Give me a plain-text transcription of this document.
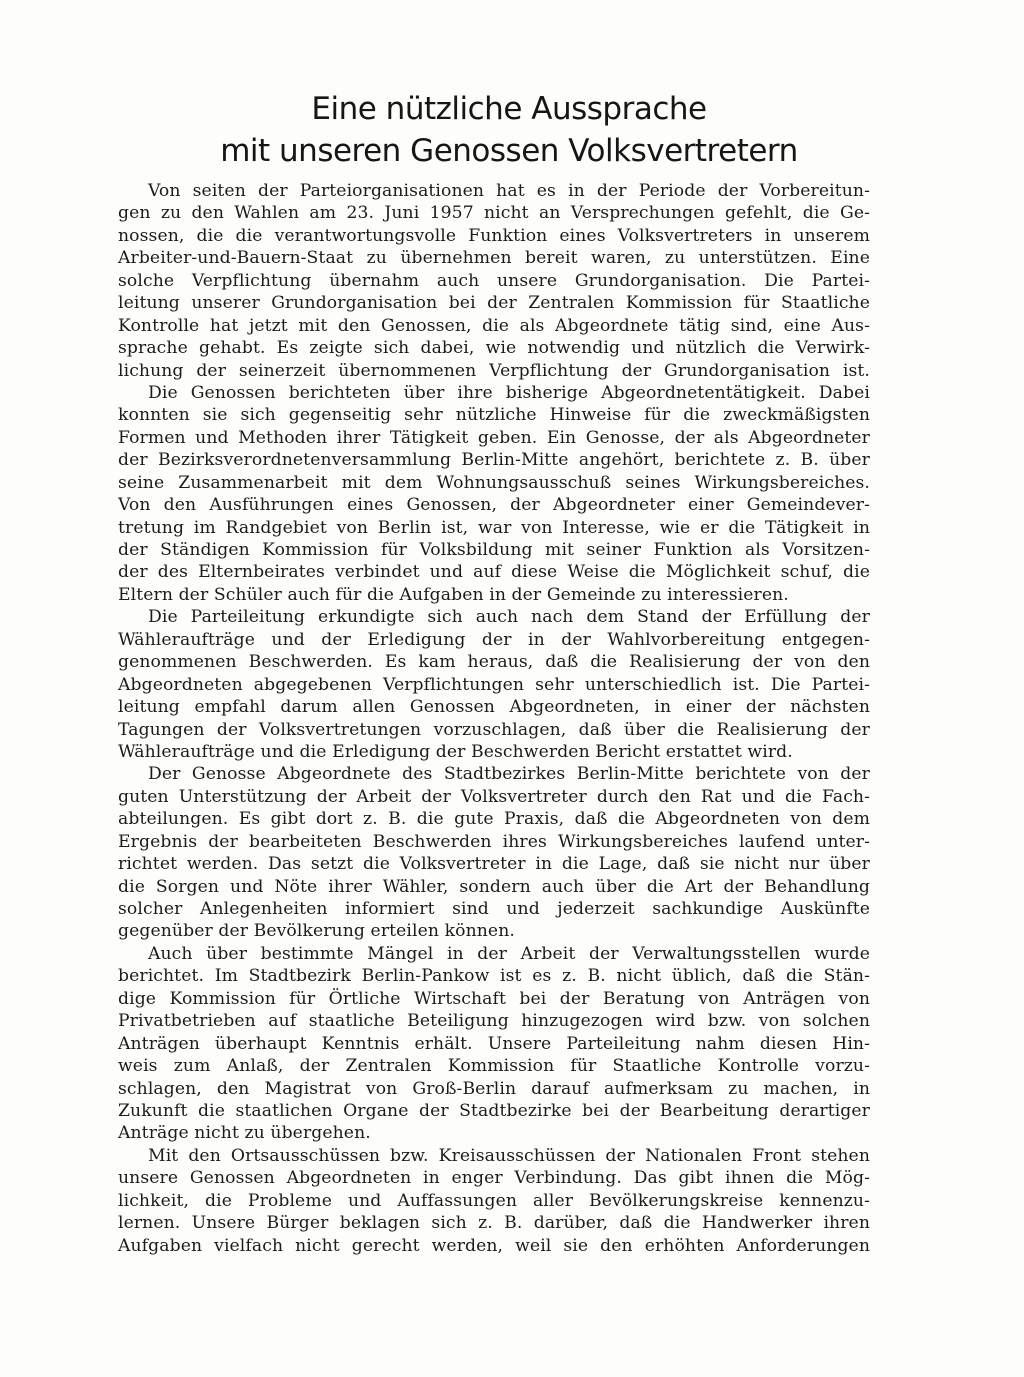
Eine nützliche Aussprache
mit unseren Genossen Volksvertretern
Von seiten der Parteiorganisationen hat es in der Periode der Vorbereitun-
gen zu den Wahlen am 23. Juni 1957 nicht an Versprechungen gefehlt, die Ge-
nossen, die die verantwortungsvolle Funktion eines Volksvertreters in unserem
Arbeiter-und-Bauern-Staat zu übernehmen bereit waren, zu unterstützen. Eine
solche Verpflichtung übernahm auch unsere Grundorganisation. Die Partei-
leitung unserer Grundorganisation bei der Zentralen Kommission für Staatliche
Kontrolle hat jetzt mit den Genossen, die als Abgeordnete tätig sind, eine Aus-
sprache gehabt. Es zeigte sich dabei, wie notwendig und nützlich die Verwirk-
lichung der seinerzeit übernommenen Verpflichtung der Grundorganisation ist.
Die Genossen berichteten über ihre bisherige Abgeordnetentätigkeit. Dabei
konnten sie sich gegenseitig sehr nützliche Hinweise für die zweckmäßigsten
Formen und Methoden ihrer Tätigkeit geben. Ein Genosse, der als Abgeordneter
der Bezirksverordnetenversammlung Berlin-Mitte angehört, berichtete z. B. über
seine Zusammenarbeit mit dem Wohnungsausschuß seines Wirkungsbereiches.
Von den Ausführungen eines Genossen, der Abgeordneter einer Gemeindever-
tretung im Randgebiet von Berlin ist, war von Interesse, wie er die Tätigkeit in
der Ständigen Kommission für Volksbildung mit seiner Funktion als Vorsitzen-
der des Elternbeirates verbindet und auf diese Weise die Möglichkeit schuf, die
Eltern der Schüler auch für die Aufgaben in der Gemeinde zu interessieren.
Die Parteileitung erkundigte sich auch nach dem Stand der Erfüllung der
Wähleraufträge und der Erledigung der in der Wahlvorbereitung entgegen-
genommenen Beschwerden. Es kam heraus, daß die Realisierung der von den
Abgeordneten abgegebenen Verpflichtungen sehr unterschiedlich ist. Die Partei-
leitung empfahl darum allen Genossen Abgeordneten, in einer der nächsten
Tagungen der Volksvertretungen vorzuschlagen, daß über die Realisierung der
Wähleraufträge und die Erledigung der Beschwerden Bericht erstattet wird.
Der Genosse Abgeordnete des Stadtbezirkes Berlin-Mitte berichtete von der
guten Unterstützung der Arbeit der Volksvertreter durch den Rat und die Fach-
abteilungen. Es gibt dort z. B. die gute Praxis, daß die Abgeordneten von dem
Ergebnis der bearbeiteten Beschwerden ihres Wirkungsbereiches laufend unter-
richtet werden. Das setzt die Volksvertreter in die Lage, daß sie nicht nur über
die Sorgen und Nöte ihrer Wähler, sondern auch über die Art der Behandlung
solcher Anlegenheiten informiert sind und jederzeit sachkundige Auskünfte
gegenüber der Bevölkerung erteilen können.
Auch über bestimmte Mängel in der Arbeit der Verwaltungsstellen wurde
berichtet. Im Stadtbezirk Berlin-Pankow ist es z. B. nicht üblich, daß die Stän-
dige Kommission für Örtliche Wirtschaft bei der Beratung von Anträgen von
Privatbetrieben auf staatliche Beteiligung hinzugezogen wird bzw. von solchen
Anträgen überhaupt Kenntnis erhält. Unsere Parteileitung nahm diesen Hin-
weis zum Anlaß, der Zentralen Kommission für Staatliche Kontrolle vorzu-
schlagen, den Magistrat von Groß-Berlin darauf aufmerksam zu machen, in
Zukunft die staatlichen Organe der Stadtbezirke bei der Bearbeitung derartiger
Anträge nicht zu übergehen.
Mit den Ortsausschüssen bzw. Kreisausschüssen der Nationalen Front stehen
unsere Genossen Abgeordneten in enger Verbindung. Das gibt ihnen die Mög-
lichkeit, die Probleme und Auffassungen aller Bevölkerungskreise kennenzu-
lernen. Unsere Bürger beklagen sich z. B. darüber, daß die Handwerker ihren
Aufgaben vielfach nicht gerecht werden, weil sie den erhöhten Anforderungen
